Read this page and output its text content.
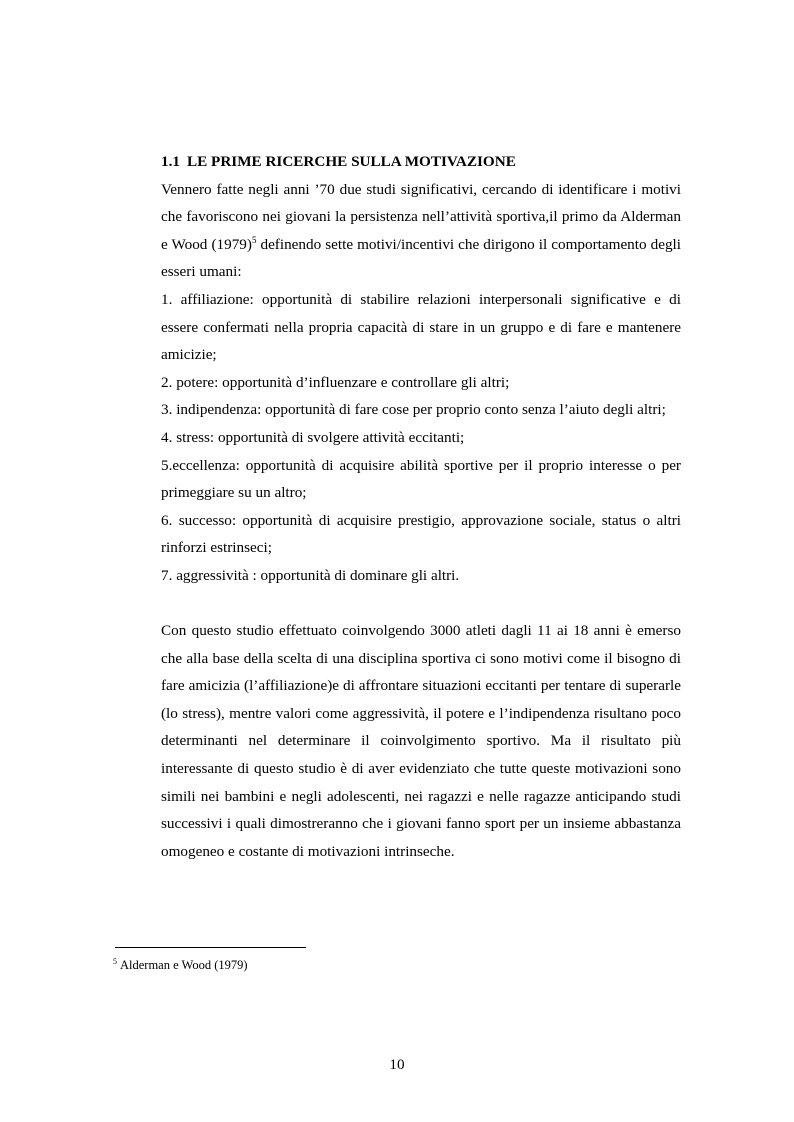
1.1 LE PRIME RICERCHE SULLA MOTIVAZIONE

Vennero fatte negli anni ’70 due studi significativi, cercando di identificare i motivi che favoriscono nei giovani la persistenza nell’attività sportiva,il primo da Alderman e Wood $(1979)^5$ definendo sette motivi/incentivi che dirigono il comportamento degli esseri umani:

1. affiliazione: opportunità di stabilire relazioni interpersonali significative e di essere confermati nella propria capacità di stare in un gruppo e di fare e mantenere amicizie;

2. potere: opportunità d’influenzare e controllare gli altri;

3. indipendenza: opportunità di fare cose per proprio conto senza l’aiuto degli altri;

4. stress: opportunità di svolgere attività eccitanti;

5.eccellenza: opportunità di acquisire abilità sportive per il proprio interesse o per primeggiare su un altro;

6. successo: opportunità di acquisire prestigio, approvazione sociale, status o altri rinforzi estrinseci;

7. aggressività : opportunità di dominare gli altri.

Con questo studio effettuato coinvolgendo 3000 atleti dagli 11 ai 18 anni è emerso che alla base della scelta di una disciplina sportiva ci sono motivi come il bisogno di fare amicizia (l’affiliazione)e di affrontare situazioni eccitanti per tentare di superarle (lo stress), mentre valori come aggressività, il potere e l’indipendenza risultano poco determinanti nel determinare il coinvolgimento sportivo. Ma il risultato più interessante di questo studio è di aver evidenziato che tutte queste motivazioni sono simili nei bambini e negli adolescenti, nei ragazzi e nelle ragazze anticipando studi successivi i quali dimostreranno che i giovani fanno sport per un insieme abbastanza omogeneo e costante di motivazioni intrinseche.

$^5$ Alderman e Wood (1979)
10
